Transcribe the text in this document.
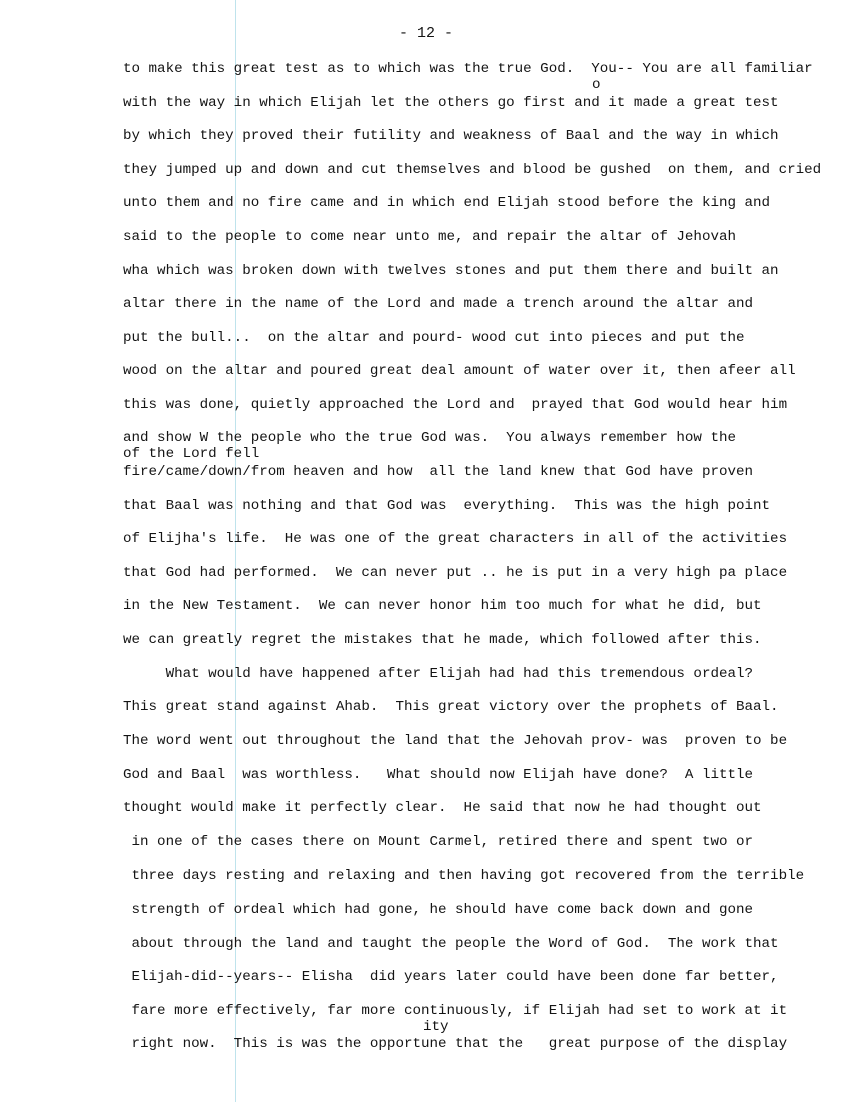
- 12 -
to make this great test as to which was the true God.  You-- You are all familiar
with the way in which Elijah let the others go first and it made a great test
by which they proved their futility and weakness of Baal and the way in which
they jumped up and down and cut themselves and blood be gushed  on them, and cried
unto them and no fire came and in which end Elijah stood before the king and
said to the people to come near unto me, and repair the altar of Jehovah
wha which was broken down with twelves stones and put them there and built an
altar there in the name of the Lord and made a trench around the altar and
put the bull...  on the altar and pourd- wood cut into pieces and put the
wood on the altar and poured great deal amount of water over it, then afeer all
this was done, quietly approached the Lord and  prayed that God would hear him
and show W the people who the true God was.  You always remember how the
fire/came/down/from heaven and how  all the land knew that God have proven
that Baal was nothing and that God was  everything.  This was the high point
of Elijha's life.  He was one of the great characters in all of the activities
that God had performed.  We can never put .. he is put in a very high pa place
in the New Testament.  We can never honor him too much for what he did, but
we can greatly regret the mistakes that he made, which followed after this.
What would have happened after Elijah had had this tremendous ordeal?
This great stand against Ahab.  This great victory over the prophets of Baal.
The word went out throughout the land that the Jehovah prov- was  proven to be
God and Baal  was worthless.   What should now Elijah have done?  A little
thought would make it perfectly clear.  He said that now he had thought out
in one of the cases there on Mount Carmel, retired there and spent two or
three days resting and relaxing and then having got recovered from the terrible
strength of ordeal which had gone, he should have come back down and gone
about through the land and taught the people the Word of God.  The work that
Elijah-did--years-- Elisha  did years later could have been done far better,
fare more effectively, far more continuously, if Elijah had set to work at it
right now.  This is was the opportune that the   great purpose of the display
of the Lord fell
ity
o
